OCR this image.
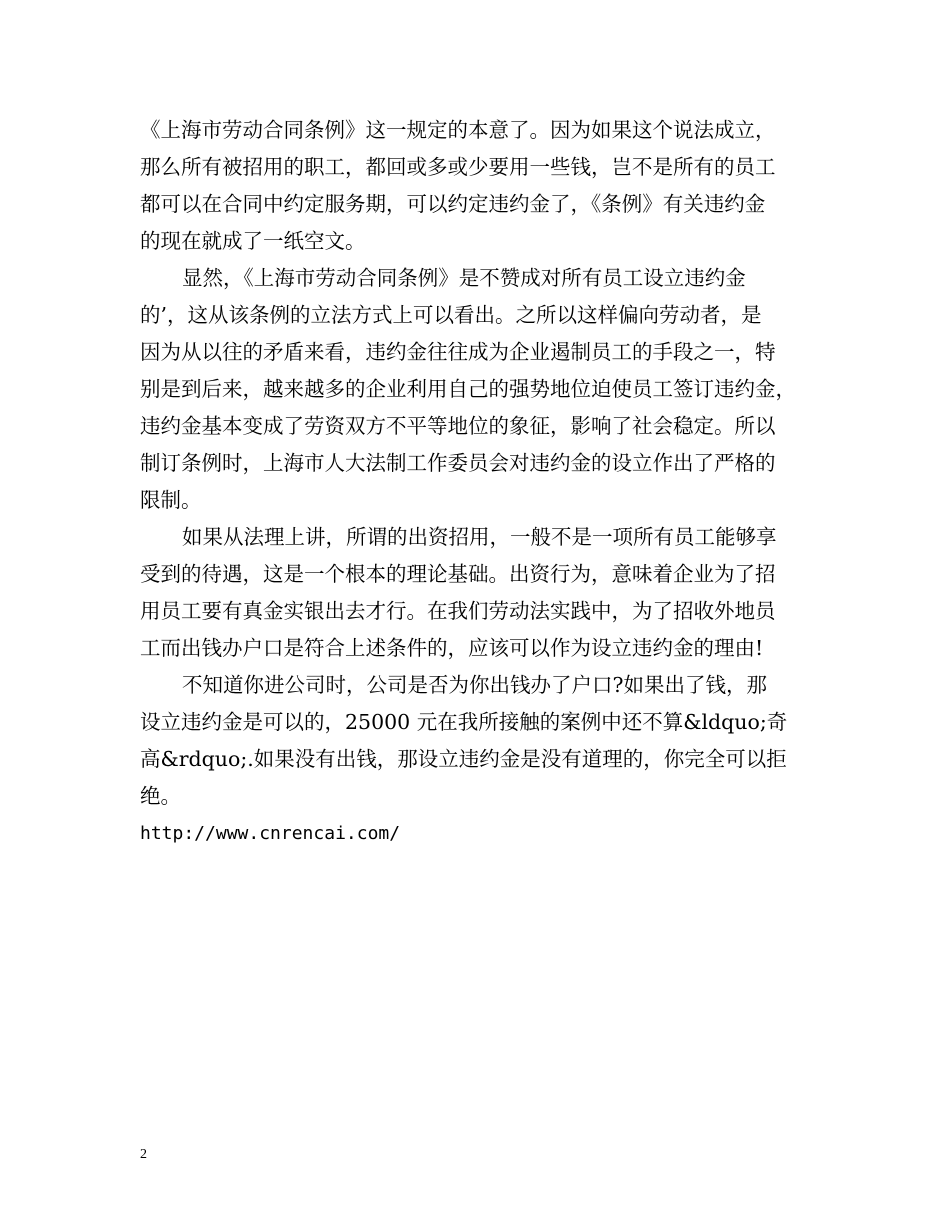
《上海市劳动合同条例》这一规定的本意了。因为如果这个说法成立，
那么所有被招用的职工，都回或多或少要用一些钱，岂不是所有的员工
都可以在合同中约定服务期，可以约定违约金了，《条例》有关违约金
的现在就成了一纸空文。
显然，《上海市劳动合同条例》是不赞成对所有员工设立违约金
的’，这从该条例的立法方式上可以看出。之所以这样偏向劳动者，是
因为从以往的矛盾来看，违约金往往成为企业遏制员工的手段之一，特
别是到后来，越来越多的企业利用自己的强势地位迫使员工签订违约金，
违约金基本变成了劳资双方不平等地位的象征，影响了社会稳定。所以
制订条例时，上海市人大法制工作委员会对违约金的设立作出了严格的
限制。
如果从法理上讲，所谓的出资招用，一般不是一项所有员工能够享
受到的待遇，这是一个根本的理论基础。出资行为，意味着企业为了招
用员工要有真金实银出去才行。在我们劳动法实践中，为了招收外地员
工而出钱办户口是符合上述条件的，应该可以作为设立违约金的理由!
不知道你进公司时，公司是否为你出钱办了户口?如果出了钱，那
设立违约金是可以的，25000 元在我所接触的案例中还不算&ldquo;奇
高&rdquo;.如果没有出钱，那设立违约金是没有道理的，你完全可以拒
绝。
http://www.cnrencai.com/
2
